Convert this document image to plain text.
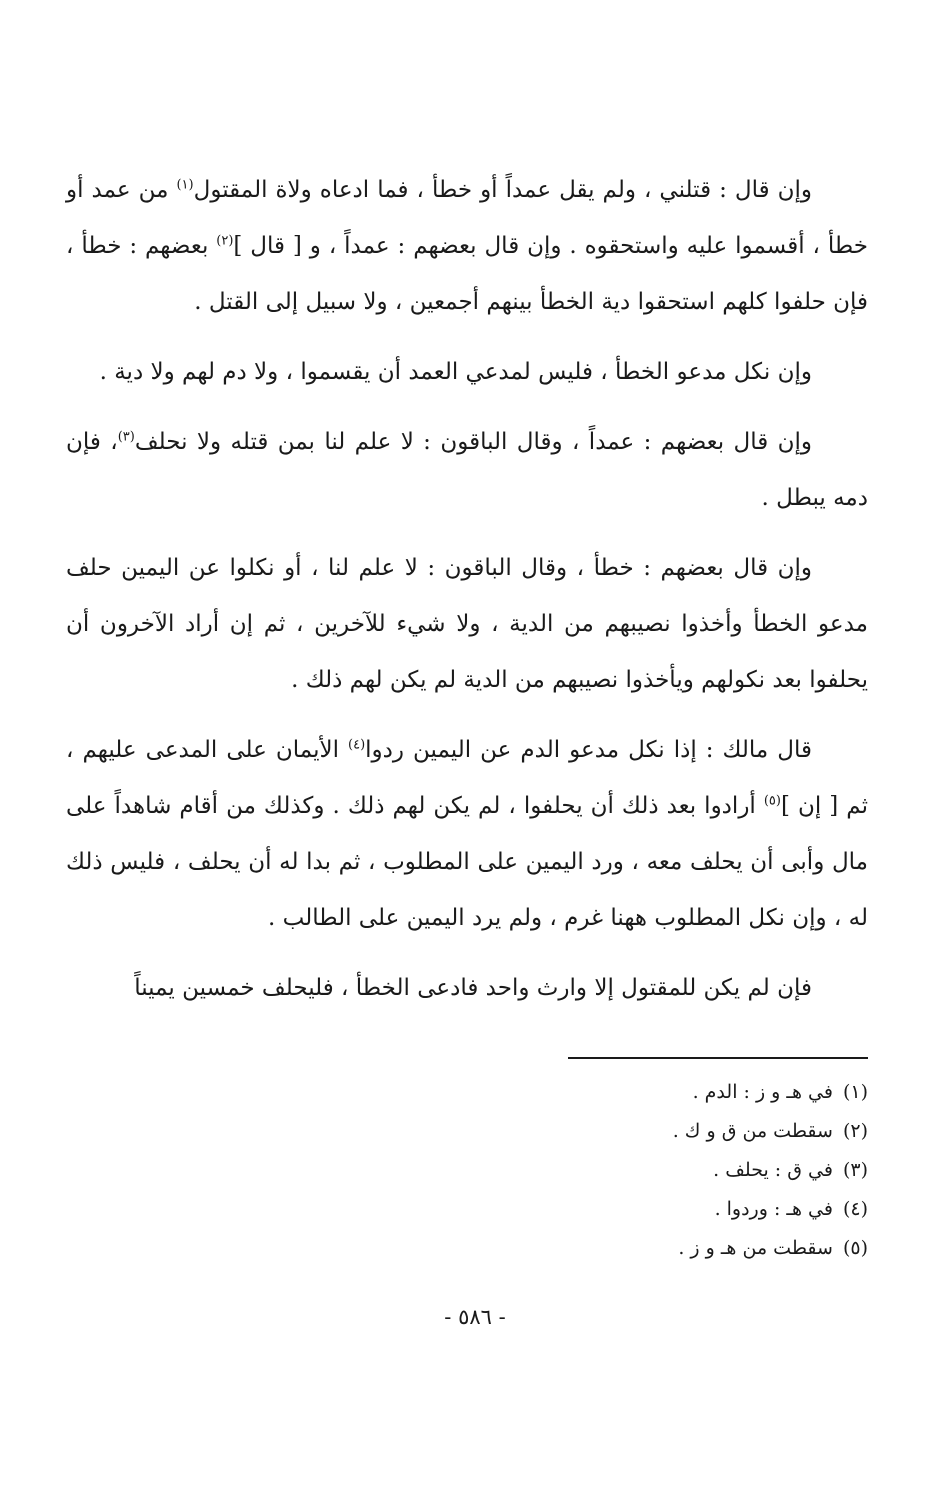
وإن قال : قتلني ، ولم يقل عمداً أو خطأ ، فما ادعاه ولاة المقتول$^{(١)}$ من عمد أو خطأ ، أقسموا عليه واستحقوه . وإن قال بعضهم : عمداً ، و [ قال ]$^{(٢)}$ بعضهم : خطأ ، فإن حلفوا كلهم استحقوا دية الخطأ بينهم أجمعين ، ولا سبيل إلى القتل .

وإن نكل مدعو الخطأ ، فليس لمدعي العمد أن يقسموا ، ولا دم لهم ولا دية .

وإن قال بعضهم : عمداً ، وقال الباقون : لا علم لنا بمن قتله ولا نحلف$^{(٣)}$، فإن دمه يبطل .

وإن قال بعضهم : خطأ ، وقال الباقون : لا علم لنا ، أو نكلوا عن اليمين حلف مدعو الخطأ وأخذوا نصيبهم من الدية ، ولا شيء للآخرين ، ثم إن أراد الآخرون أن يحلفوا بعد نكولهم ويأخذوا نصيبهم من الدية لم يكن لهم ذلك .

قال مالك : إذا نكل مدعو الدم عن اليمين ردوا$^{(٤)}$ الأيمان على المدعى عليهم ، ثم [ إن ]$^{(٥)}$ أرادوا بعد ذلك أن يحلفوا ، لم يكن لهم ذلك . وكذلك من أقام شاهداً على مال وأبى أن يحلف معه ، ورد اليمين على المطلوب ، ثم بدا له أن يحلف ، فليس ذلك له ، وإن نكل المطلوب ههنا غرم ، ولم يرد اليمين على الطالب .

فإن لم يكن للمقتول إلا وارث واحد فادعى الخطأ ، فليحلف خمسين يميناً

(١)في هـ و ز : الدم .
(٢)سقطت من ق و ك .
(٣)في ق : يحلف .
(٤)في هـ : وردوا .
(٥)سقطت من هـ و ز .
- ٥٨٦ -
